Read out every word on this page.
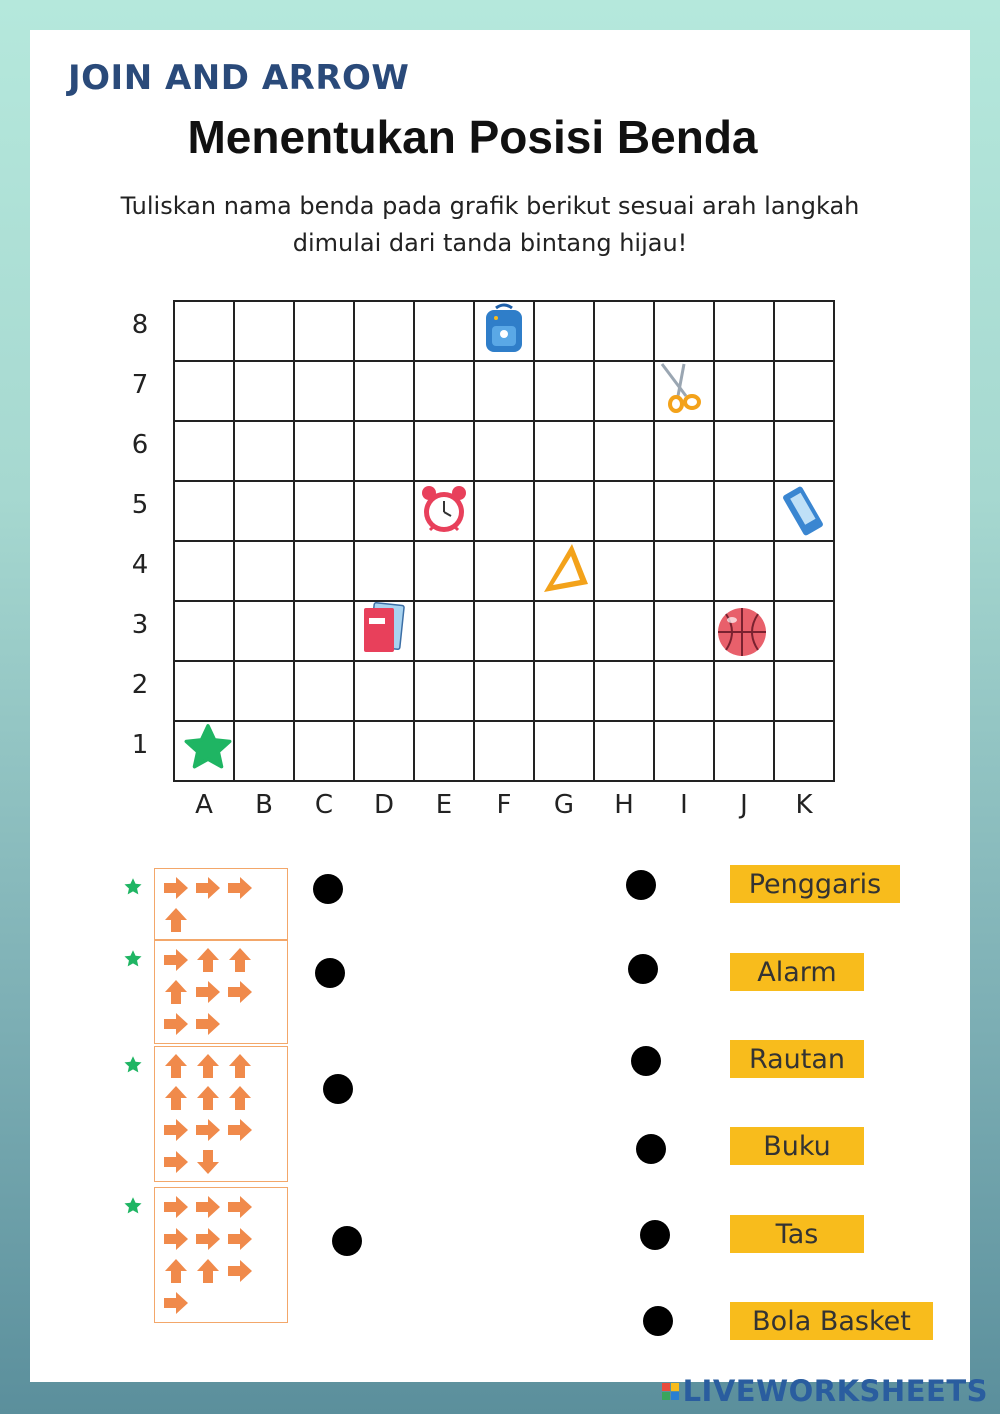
JOIN AND ARROW
Menentukan Posisi Benda
Tuliskan nama benda pada grafik berikut sesuai arah langkah dimulai dari tanda bintang hijau!
Penggaris
Alarm
Rautan
Buku
Tas
Bola Basket
8
7
6
5
4
3
2
1
A	B	C	D	E	F	G	H	I	J	K
LIVEWORKSHEETS
